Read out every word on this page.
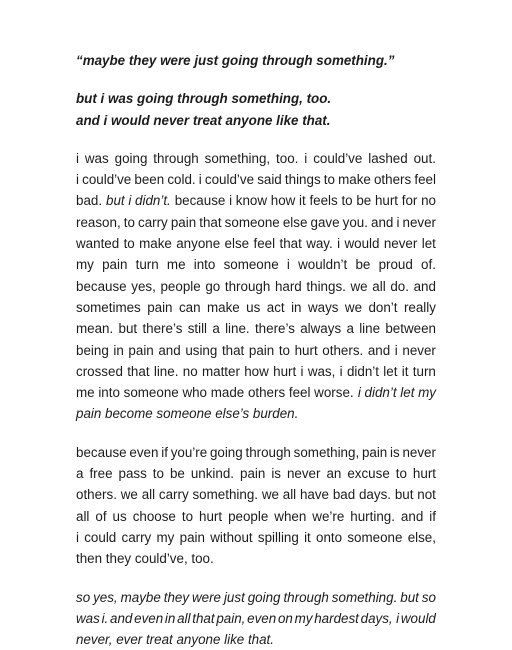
“maybe they were just going through something.”

but i was going through something, too.
and i would never treat anyone like that.
i was going through something, too. i could’ve lashed out.
i could’ve been cold. i could’ve said things to make others feel
bad. but i didn’t. because i know how it feels to be hurt for no
reason, to carry pain that someone else gave you. and i never
wanted to make anyone else feel that way. i would never let
my pain turn me into someone i wouldn’t be proud of.
because yes, people go through hard things. we all do. and
sometimes pain can make us act in ways we don’t really
mean. but there’s still a line. there’s always a line between
being in pain and using that pain to hurt others. and i never
crossed that line. no matter how hurt i was, i didn’t let it turn
me into someone who made others feel worse. i didn’t let my
pain become someone else’s burden.
because even if you’re going through something, pain is never
a free pass to be unkind. pain is never an excuse to hurt
others. we all carry something. we all have bad days. but not
all of us choose to hurt people when we’re hurting. and if
i could carry my pain without spilling it onto someone else,
then they could’ve, too.
so yes, maybe they were just going through something. but so
was i. and even in all that pain, even on my hardest days, i would
never, ever treat anyone like that.
